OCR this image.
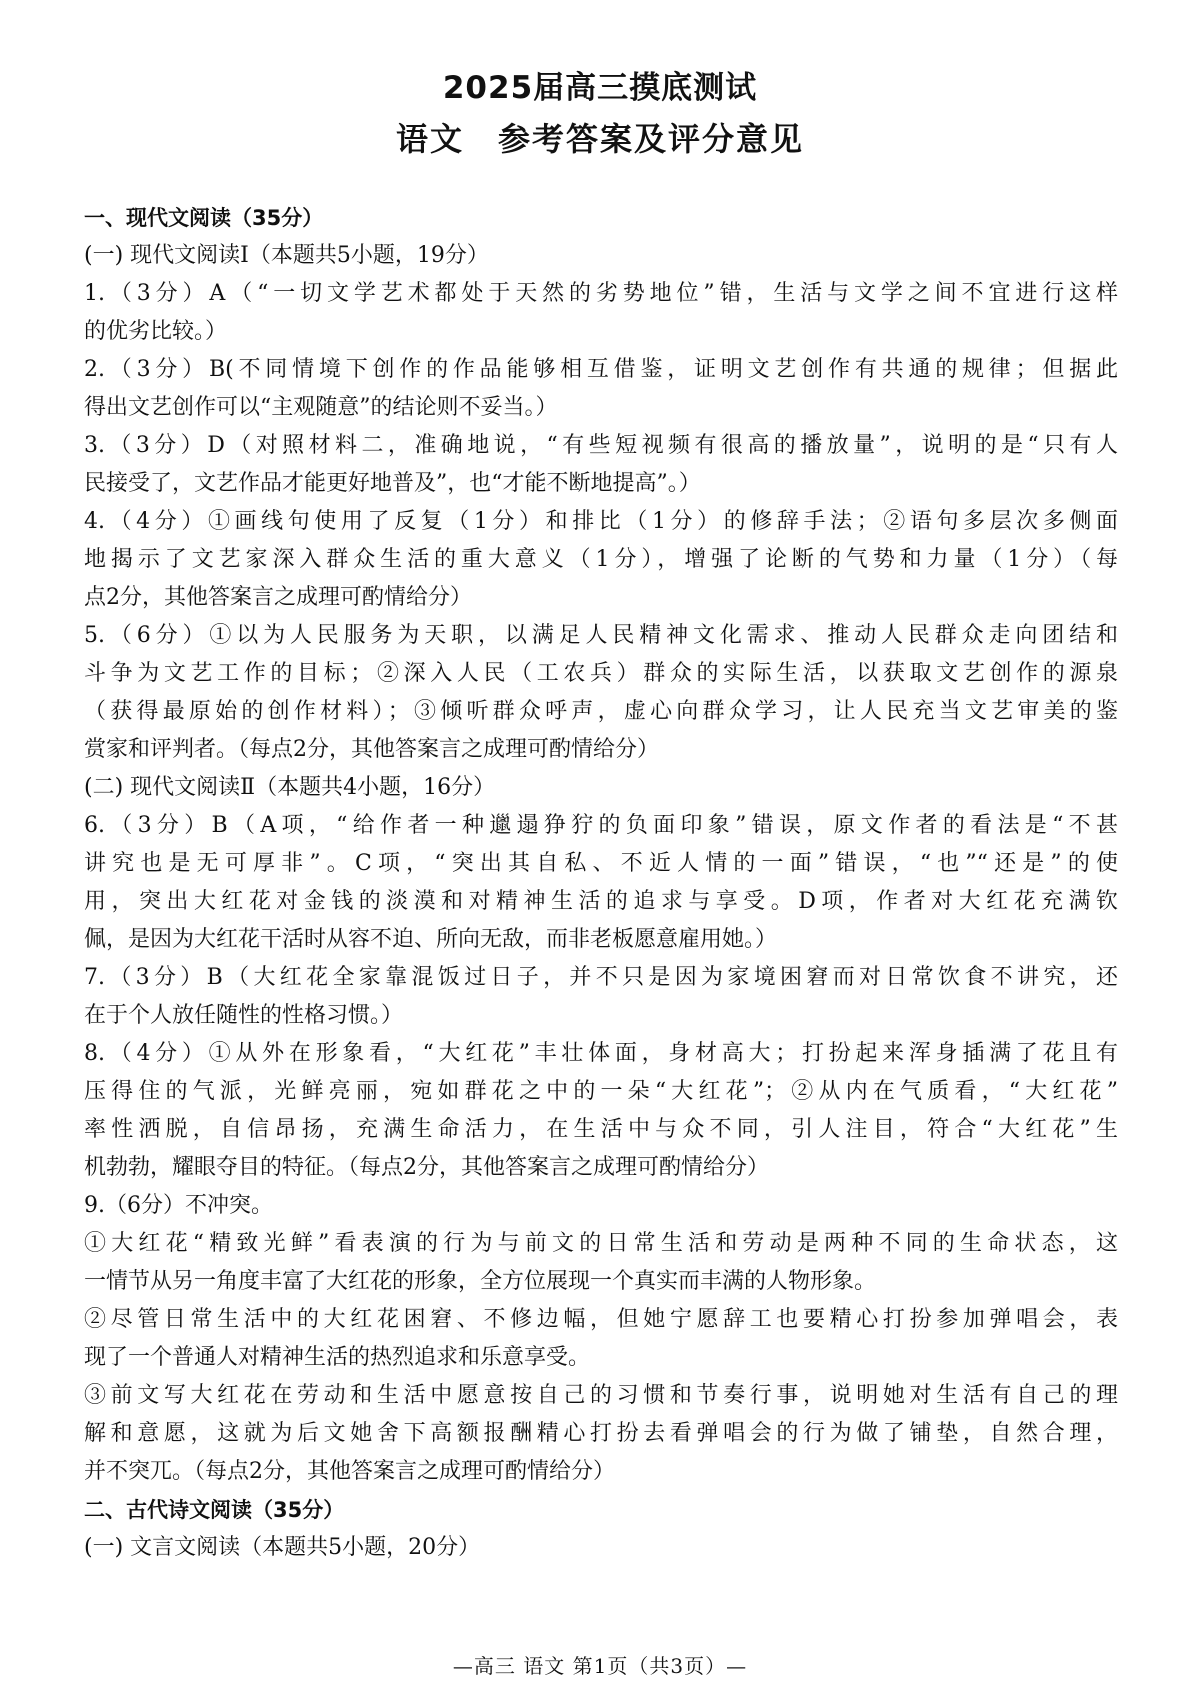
2025届高三摸底测试
语文　参考答案及评分意见
一、现代文阅读（35分）
(一) 现代文阅读Ⅰ（本题共5小题，19分）
1.（3分）A（“一切文学艺术都处于天然的劣势地位”错，生活与文学之间不宜进行这样
的优劣比较。）
2.（3分）B(不同情境下创作的作品能够相互借鉴，证明文艺创作有共通的规律；但据此
得出文艺创作可以“主观随意”的结论则不妥当。）
3.（3分）D（对照材料二，准确地说，“有些短视频有很高的播放量”，说明的是“只有人
民接受了，文艺作品才能更好地普及”，也“才能不断地提高”。）
4.（4分）①画线句使用了反复（1分）和排比（1分）的修辞手法；②语句多层次多侧面
地揭示了文艺家深入群众生活的重大意义（1分），增强了论断的气势和力量（1分）（每
点2分，其他答案言之成理可酌情给分）
5.（6分）①以为人民服务为天职，以满足人民精神文化需求、推动人民群众走向团结和
斗争为文艺工作的目标；②深入人民（工农兵）群众的实际生活，以获取文艺创作的源泉
（获得最原始的创作材料）；③倾听群众呼声，虚心向群众学习，让人民充当文艺审美的鉴
赏家和评判者。（每点2分，其他答案言之成理可酌情给分）
(二) 现代文阅读Ⅱ（本题共4小题，16分）
6.（3分）B（A项，“给作者一种邋遢狰狞的负面印象”错误，原文作者的看法是“不甚
讲究也是无可厚非”。C项，“突出其自私、不近人情的一面”错误，“也”“还是”的使
用，突出大红花对金钱的淡漠和对精神生活的追求与享受。D项，作者对大红花充满钦
佩，是因为大红花干活时从容不迫、所向无敌，而非老板愿意雇用她。）
7.（3分）B（大红花全家靠混饭过日子，并不只是因为家境困窘而对日常饮食不讲究，还
在于个人放任随性的性格习惯。）
8.（4分）①从外在形象看，“大红花”丰壮体面，身材高大；打扮起来浑身插满了花且有
压得住的气派，光鲜亮丽，宛如群花之中的一朵“大红花”；②从内在气质看，“大红花”
率性洒脱，自信昂扬，充满生命活力，在生活中与众不同，引人注目，符合“大红花”生
机勃勃，耀眼夺目的特征。（每点2分，其他答案言之成理可酌情给分）
9.（6分）不冲突。
①大红花“精致光鲜”看表演的行为与前文的日常生活和劳动是两种不同的生命状态，这
一情节从另一角度丰富了大红花的形象，全方位展现一个真实而丰满的人物形象。
②尽管日常生活中的大红花困窘、不修边幅，但她宁愿辞工也要精心打扮参加弹唱会，表
现了一个普通人对精神生活的热烈追求和乐意享受。
③前文写大红花在劳动和生活中愿意按自己的习惯和节奏行事，说明她对生活有自己的理
解和意愿，这就为后文她舍下高额报酬精心打扮去看弹唱会的行为做了铺垫，自然合理，
并不突兀。（每点2分，其他答案言之成理可酌情给分）
二、古代诗文阅读（35分）
(一) 文言文阅读（本题共5小题，20分）
—高三 语文 第1页（共3页）—
